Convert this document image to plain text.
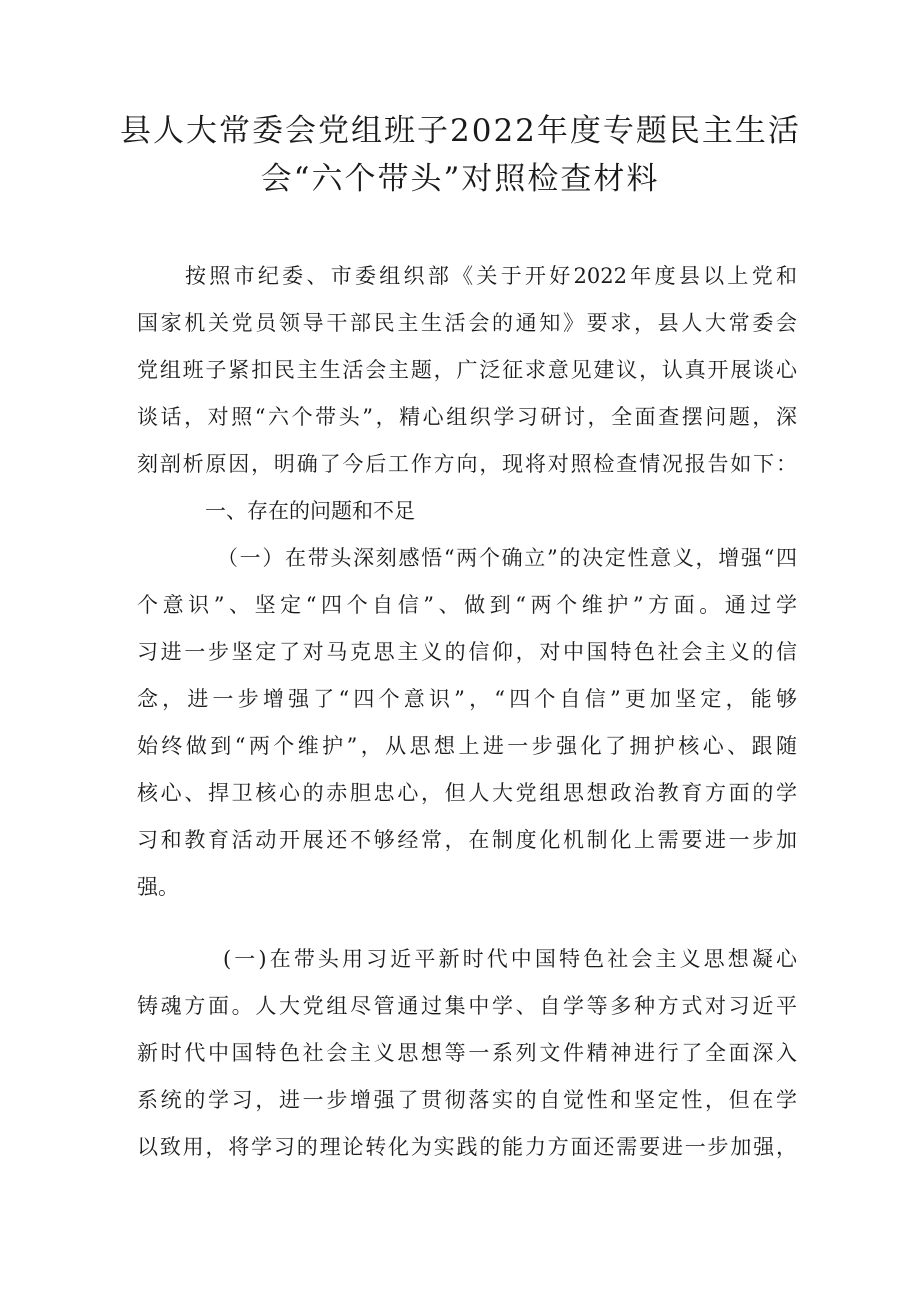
县人大常委会党组班子2022年度专题民主生活
会“六个带头”对照检查材料
按照市纪委、市委组织部《关于开好2022年度县以上党和
国家机关党员领导干部民主生活会的通知》要求，县人大常委会
党组班子紧扣民主生活会主题，广泛征求意见建议，认真开展谈心
谈话，对照“六个带头”，精心组织学习研讨，全面查摆问题，深
刻剖析原因，明确了今后工作方向，现将对照检查情况报告如下：
一、存在的问题和不足
（一）在带头深刻感悟“两个确立”的决定性意义，增强“四
个意识”、坚定“四个自信”、做到“两个维护”方面。通过学
习进一步坚定了对马克思主义的信仰，对中国特色社会主义的信
念，进一步增强了“四个意识”，“四个自信”更加坚定，能够
始终做到“两个维护”，从思想上进一步强化了拥护核心、跟随
核心、捍卫核心的赤胆忠心，但人大党组思想政治教育方面的学
习和教育活动开展还不够经常，在制度化机制化上需要进一步加
强。
(一)在带头用习近平新时代中国特色社会主义思想凝心
铸魂方面。人大党组尽管通过集中学、自学等多种方式对习近平
新时代中国特色社会主义思想等一系列文件精神进行了全面深入
系统的学习，进一步增强了贯彻落实的自觉性和坚定性，但在学
以致用，将学习的理论转化为实践的能力方面还需要进一步加强，
